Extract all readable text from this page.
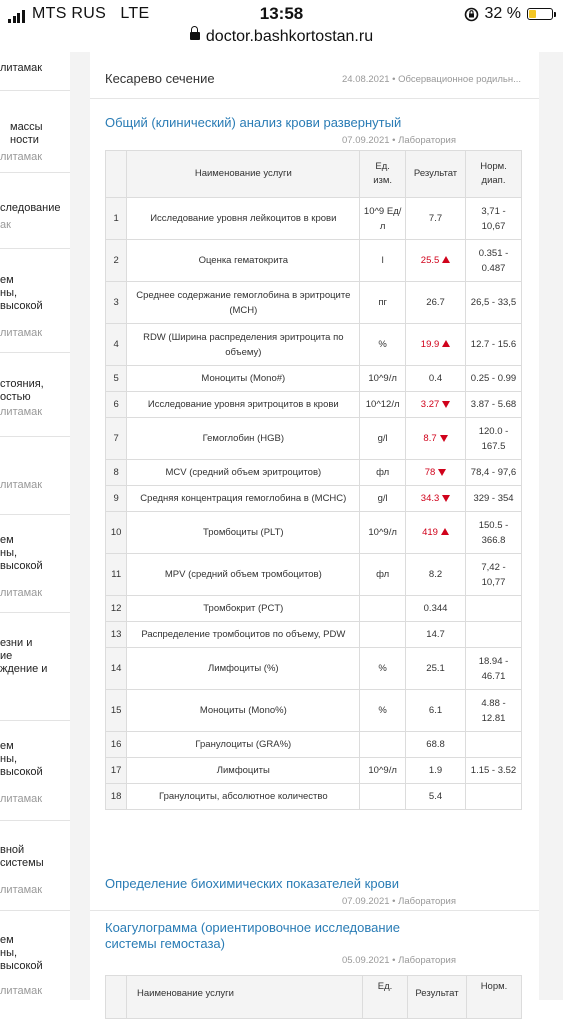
MTS RUS LTE	13:58	32 %
doctor.bashkortostan.ru
литамак
массы
ности
литамак
следование
ак
ем
ны,
высокой
литамак
стояния,
остью
литамак
литамак
ем
ны,
высокой
литамак
езни и
ие
ждение и
ем
ны,
высокой
литамак
вной
системы
литамак
ем
ны,
высокой
литамак
Кесарево сечение	24.08.2021 • Обсервационное родильн...
Общий (клинический) анализ крови развернутый
07.09.2021 • Лаборатория
	Наименование услуги	Ед.
изм.	Результат	Норм.
диап.
1	Исследование уровня лейкоцитов в крови	10^9 Ед/л	7.7	3,71 - 10,67
2	Оценка гематокрита	l	25.5	0.351 - 0.487
3	Среднее содержание гемоглобина в эритроците (МСН)	пг	26.7	26,5 - 33,5
4	RDW (Ширина распределения эритроцита по объему)	%	19.9	12.7 - 15.6
5	Моноциты (Mono#)	10^9/л	0.4	0.25 - 0.99
6	Исследование уровня эритроцитов в крови	10^12/л	3.27	3.87 - 5.68
7	Гемоглобин (HGB)	g/l	8.7	120.0 - 167.5
8	MCV (средний объем эритроцитов)	фл	78	78,4 - 97,6
9	Средняя концентрация гемоглобина в (MCHC)	g/l	34.3	329 - 354
10	Тромбоциты (PLT)	10^9/л	419	150.5 - 366.8
11	MPV (средний объем тромбоцитов)	фл	8.2	7,42 - 10,77
12	Тромбокрит (PCT)		0.344	
13	Распределение тромбоцитов по объему, PDW		14.7	
14	Лимфоциты (%)	%	25.1	18.94 - 46.71
15	Моноциты (Mono%)	%	6.1	4.88 - 12.81
16	Гранулоциты (GRA%)		68.8	
17	Лимфоциты	10^9/л	1.9	1.15 - 3.52
18	Гранулоциты, абсолютное количество		5.4	
Определение биохимических показателей крови
07.09.2021 • Лаборатория
Коагулограмма (ориентировочное исследование
системы гемостаза)
05.09.2021 • Лаборатория
	Наименование услуги	Ед.	Результат	Норм.
